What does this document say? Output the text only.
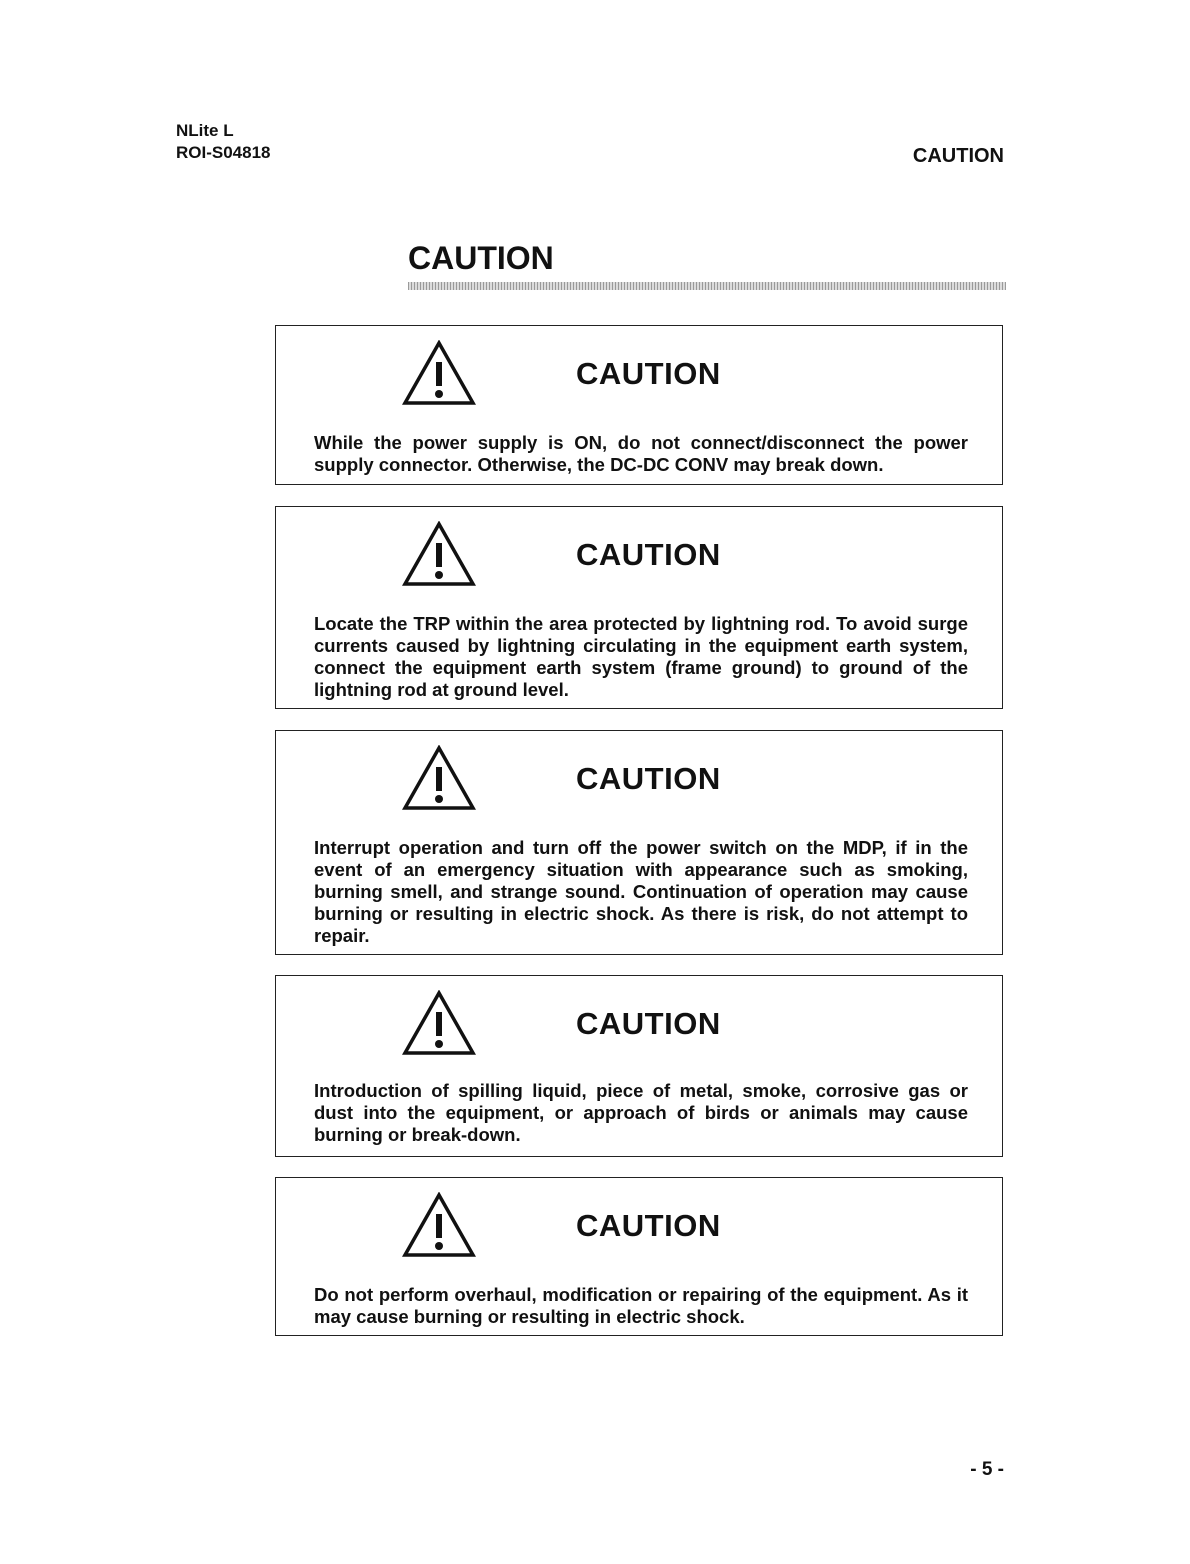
NLite L
ROI-S04818	CAUTION
CAUTION
CAUTION
While the power supply is ON, do not connect/disconnect the power supply connector. Otherwise, the DC-DC CONV may break down.
CAUTION
Locate the TRP within the area protected by lightning rod. To avoid surge currents caused by lightning circulating in the equipment earth system, connect the equipment earth system (frame ground) to ground of the lightning rod at ground level.
CAUTION
Interrupt operation and turn off the power switch on the MDP, if in the event of an emergency situation with appearance such as smoking, burning smell, and strange sound. Continuation of operation may cause burning or resulting in electric shock. As there is risk, do not attempt to repair.
CAUTION
Introduction of spilling liquid, piece of metal, smoke, corrosive gas or dust into the equipment, or approach of birds or animals may cause burning or break-down.
CAUTION
Do not perform overhaul, modification or repairing of the equipment. As it may cause burning or resulting in electric shock.
- 5 -
